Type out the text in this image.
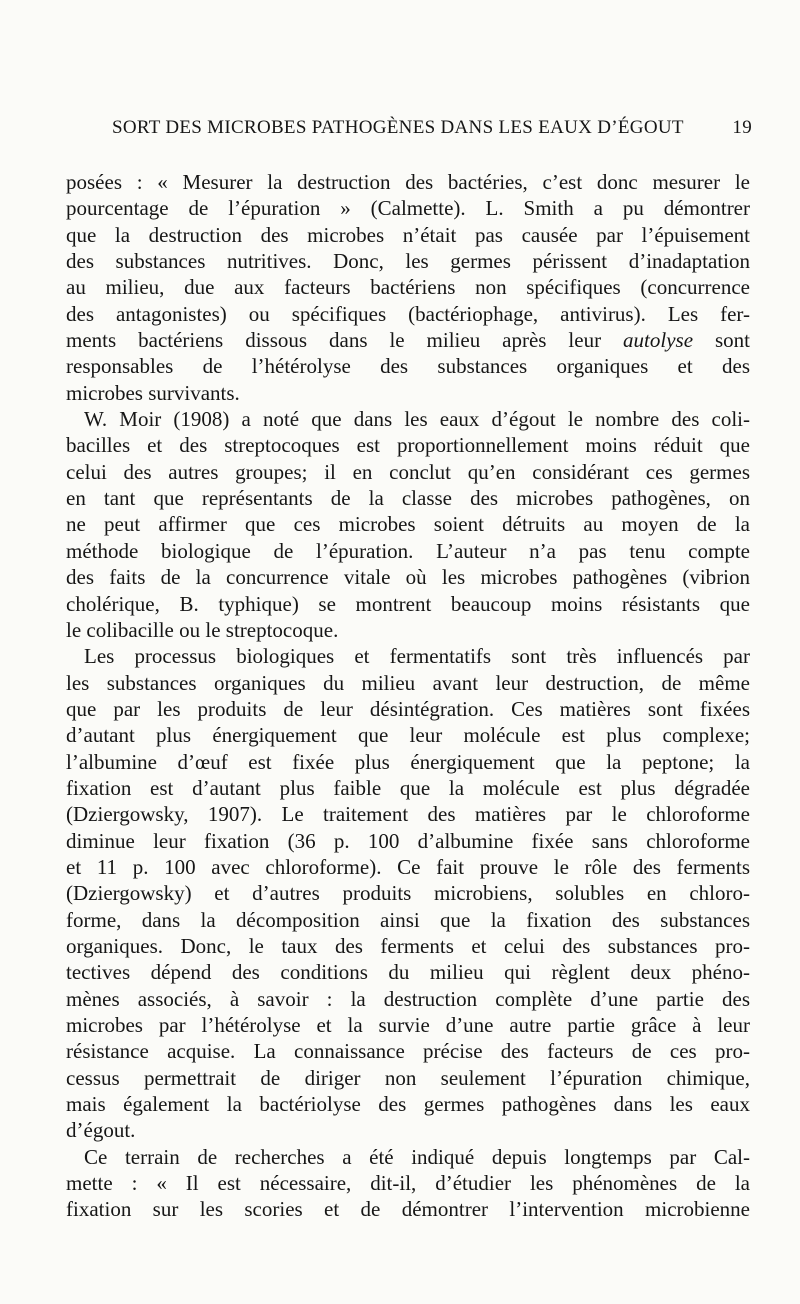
SORT DES MICROBES PATHOGÈNES DANS LES EAUX D’ÉGOUT	19
posées : « Mesurer la destruction des bactéries, c’est donc mesurer le
pourcentage de l’épuration » (Calmette). L. Smith a pu démontrer
que la destruction des microbes n’était pas causée par l’épuisement
des substances nutritives. Donc, les germes périssent d’inadaptation
au milieu, due aux facteurs bactériens non spécifiques (concurrence
des antagonistes) ou spécifiques (bactériophage, antivirus). Les fer-
ments bactériens dissous dans le milieu après leur autolyse sont
responsables de l’hétérolyse des substances organiques et des
microbes survivants.
W. Moir (1908) a noté que dans les eaux d’égout le nombre des coli-
bacilles et des streptocoques est proportionnellement moins réduit que
celui des autres groupes; il en conclut qu’en considérant ces germes
en tant que représentants de la classe des microbes pathogènes, on
ne peut affirmer que ces microbes soient détruits au moyen de la
méthode biologique de l’épuration. L’auteur n’a pas tenu compte
des faits de la concurrence vitale où les microbes pathogènes (vibrion
cholérique, B. typhique) se montrent beaucoup moins résistants que
le colibacille ou le streptocoque.
Les processus biologiques et fermentatifs sont très influencés par
les substances organiques du milieu avant leur destruction, de même
que par les produits de leur désintégration. Ces matières sont fixées
d’autant plus énergiquement que leur molécule est plus complexe;
l’albumine d’œuf est fixée plus énergiquement que la peptone; la
fixation est d’autant plus faible que la molécule est plus dégradée
(Dziergowsky, 1907). Le traitement des matières par le chloroforme
diminue leur fixation (36 p. 100 d’albumine fixée sans chloroforme
et 11 p. 100 avec chloroforme). Ce fait prouve le rôle des ferments
(Dziergowsky) et d’autres produits microbiens, solubles en chloro-
forme, dans la décomposition ainsi que la fixation des substances
organiques. Donc, le taux des ferments et celui des substances pro-
tectives dépend des conditions du milieu qui règlent deux phéno-
mènes associés, à savoir : la destruction complète d’une partie des
microbes par l’hétérolyse et la survie d’une autre partie grâce à leur
résistance acquise. La connaissance précise des facteurs de ces pro-
cessus permettrait de diriger non seulement l’épuration chimique,
mais également la bactériolyse des germes pathogènes dans les eaux
d’égout.
Ce terrain de recherches a été indiqué depuis longtemps par Cal-
mette : « Il est nécessaire, dit-il, d’étudier les phénomènes de la
fixation sur les scories et de démontrer l’intervention microbienne
